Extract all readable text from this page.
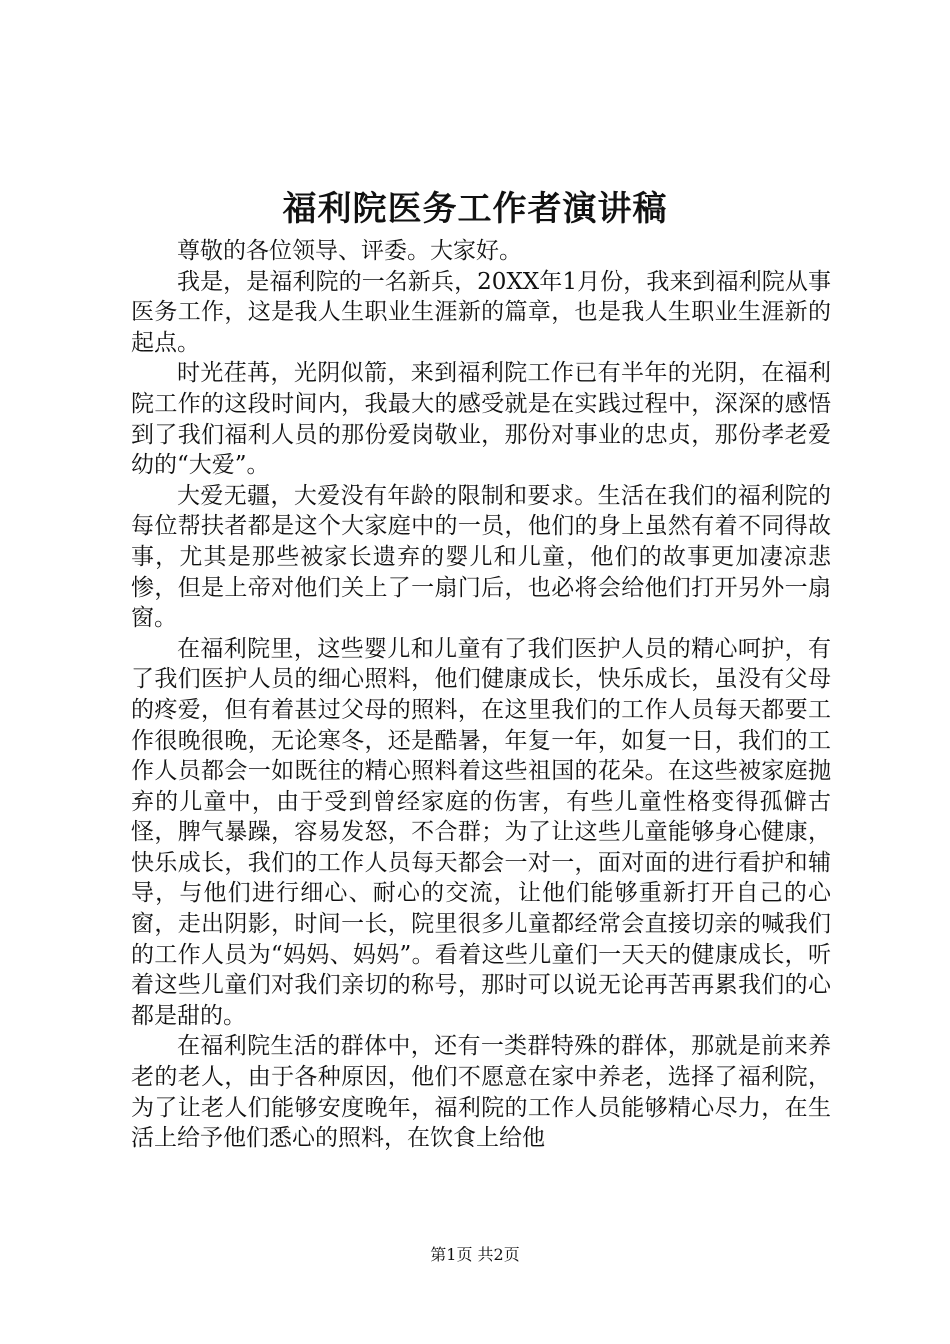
福利院医务工作者演讲稿

尊敬的各位领导、评委。大家好。

我是，是福利院的一名新兵，20XX年1月份，我来到福利院从事医务工作，这是我人生职业生涯新的篇章，也是我人生职业生涯新的起点。

时光荏苒，光阴似箭，来到福利院工作已有半年的光阴，在福利院工作的这段时间内，我最大的感受就是在实践过程中，深深的感悟到了我们福利人员的那份爱岗敬业，那份对事业的忠贞，那份孝老爱幼的“大爱”。

大爱无疆，大爱没有年龄的限制和要求。生活在我们的福利院的每位帮扶者都是这个大家庭中的一员，他们的身上虽然有着不同得故事，尤其是那些被家长遗弃的婴儿和儿童，他们的故事更加凄凉悲惨，但是上帝对他们关上了一扇门后，也必将会给他们打开另外一扇窗。

在福利院里，这些婴儿和儿童有了我们医护人员的精心呵护，有了我们医护人员的细心照料，他们健康成长，快乐成长，虽没有父母的疼爱，但有着甚过父母的照料，在这里我们的工作人员每天都要工作很晚很晚，无论寒冬，还是酷暑，年复一年，如复一日，我们的工作人员都会一如既往的精心照料着这些祖国的花朵。在这些被家庭抛弃的儿童中，由于受到曾经家庭的伤害，有些儿童性格变得孤僻古怪，脾气暴躁，容易发怒，不合群；为了让这些儿童能够身心健康，快乐成长，我们的工作人员每天都会一对一，面对面的进行看护和辅导，与他们进行细心、耐心的交流，让他们能够重新打开自己的心窗，走出阴影，时间一长，院里很多儿童都经常会直接切亲的喊我们的工作人员为“妈妈、妈妈”。看着这些儿童们一天天的健康成长，听着这些儿童们对我们亲切的称号，那时可以说无论再苦再累我们的心都是甜的。

在福利院生活的群体中，还有一类群特殊的群体，那就是前来养老的老人，由于各种原因，他们不愿意在家中养老，选择了福利院，为了让老人们能够安度晚年，福利院的工作人员能够精心尽力，在生活上给予他们悉心的照料，在饮食上给他

第1页 共2页
